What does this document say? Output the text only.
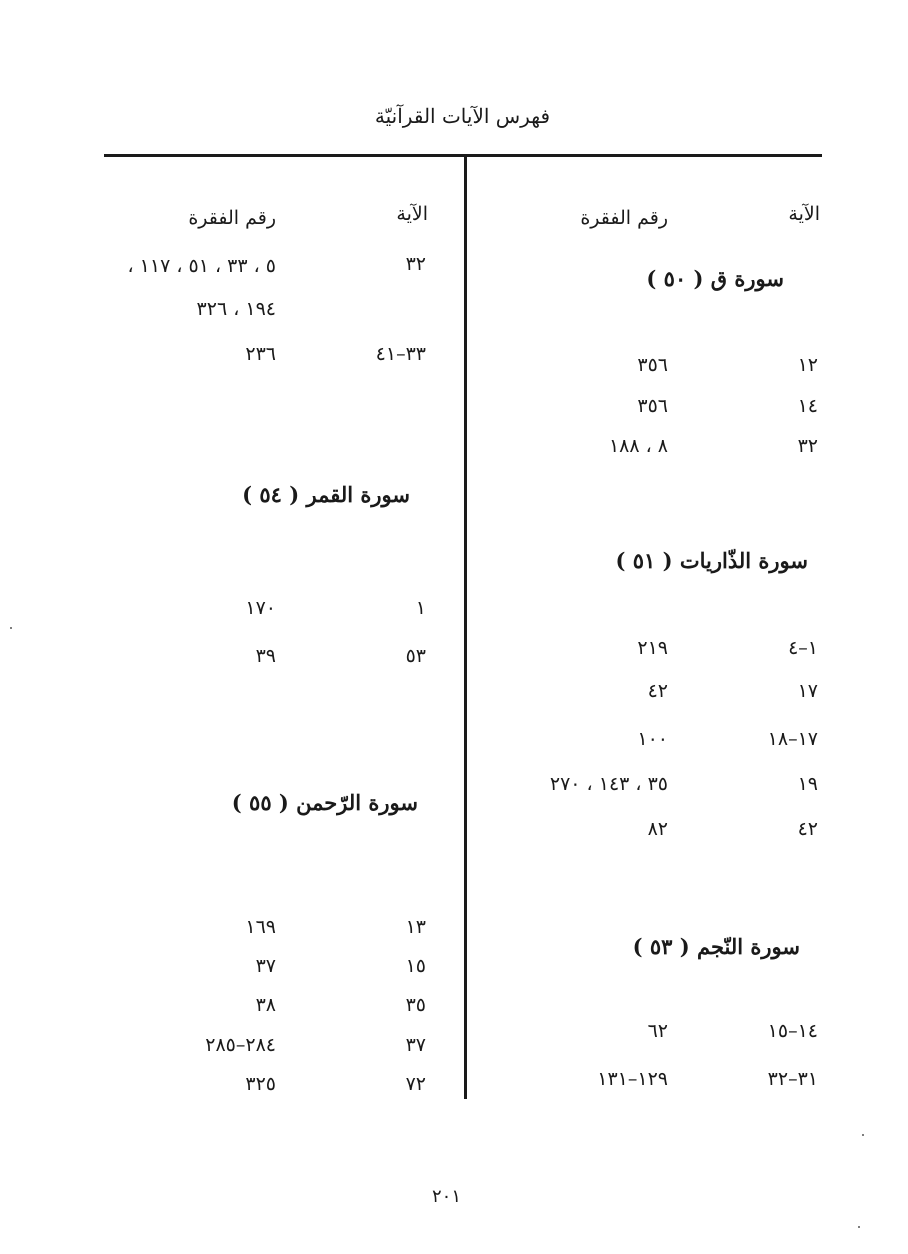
فهرس الآيات القرآنيّة
الآية
رقم الفقرة
سورة ق ( ٥٠ )
١٢
٣٥٦
١٤
٣٥٦
٣٢
٨ ، ١٨٨
سورة الذّاريات ( ٥١ )
١–٤
٢١٩
١٧
٤٢
١٧–١٨
١٠٠
١٩
٣٥ ، ١٤٣ ، ٢٧٠
٤٢
٨٢
سورة النّجم ( ٥٣ )
١٤–١٥
٦٢
٣١–٣٢
١٢٩–١٣١
الآية
رقم الفقرة
٣٢
٥ ، ٣٣ ، ٥١ ، ١١٧ ،
١٩٤ ، ٣٢٦
٣٣–٤١
٢٣٦
سورة القمر ( ٥٤ )
١
١٧٠
٥٣
٣٩
سورة الرّحمن ( ٥٥ )
١٣
١٦٩
١٥
٣٧
٣٥
٣٨
٣٧
٢٨٤–٢٨٥
٧٢
٣٢٥
٢٠١
